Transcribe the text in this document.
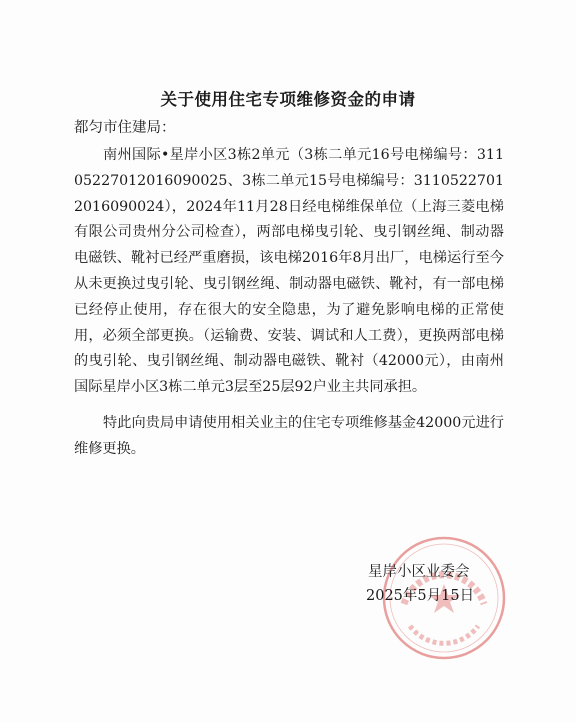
关于使用住宅专项维修资金的申请
都匀市住建局：

南州国际•星岸小区3栋2单元（3栋二单元16号电梯编号：31105227012016090025、3栋二单元15号电梯编号：31105227012016090024），2024年11月28日经电梯维保单位（上海三菱电梯有限公司贵州分公司检查），两部电梯曳引轮、曳引钢丝绳、制动器电磁铁、靴衬已经严重磨损，该电梯2016年8月出厂，电梯运行至今从未更换过曳引轮、曳引钢丝绳、制动器电磁铁、靴衬，有一部电梯已经停止使用，存在很大的安全隐患，为了避免影响电梯的正常使用，必须全部更换。（运输费、安装、调试和人工费），更换两部电梯的曳引轮、曳引钢丝绳、制动器电磁铁、靴衬（42000元），由南州国际星岸小区3栋二单元3层至25层92户业主共同承担。

特此向贵局申请使用相关业主的住宅专项维修基金42000元进行维修更换。

星岸小区业委会
2025年5月15日
